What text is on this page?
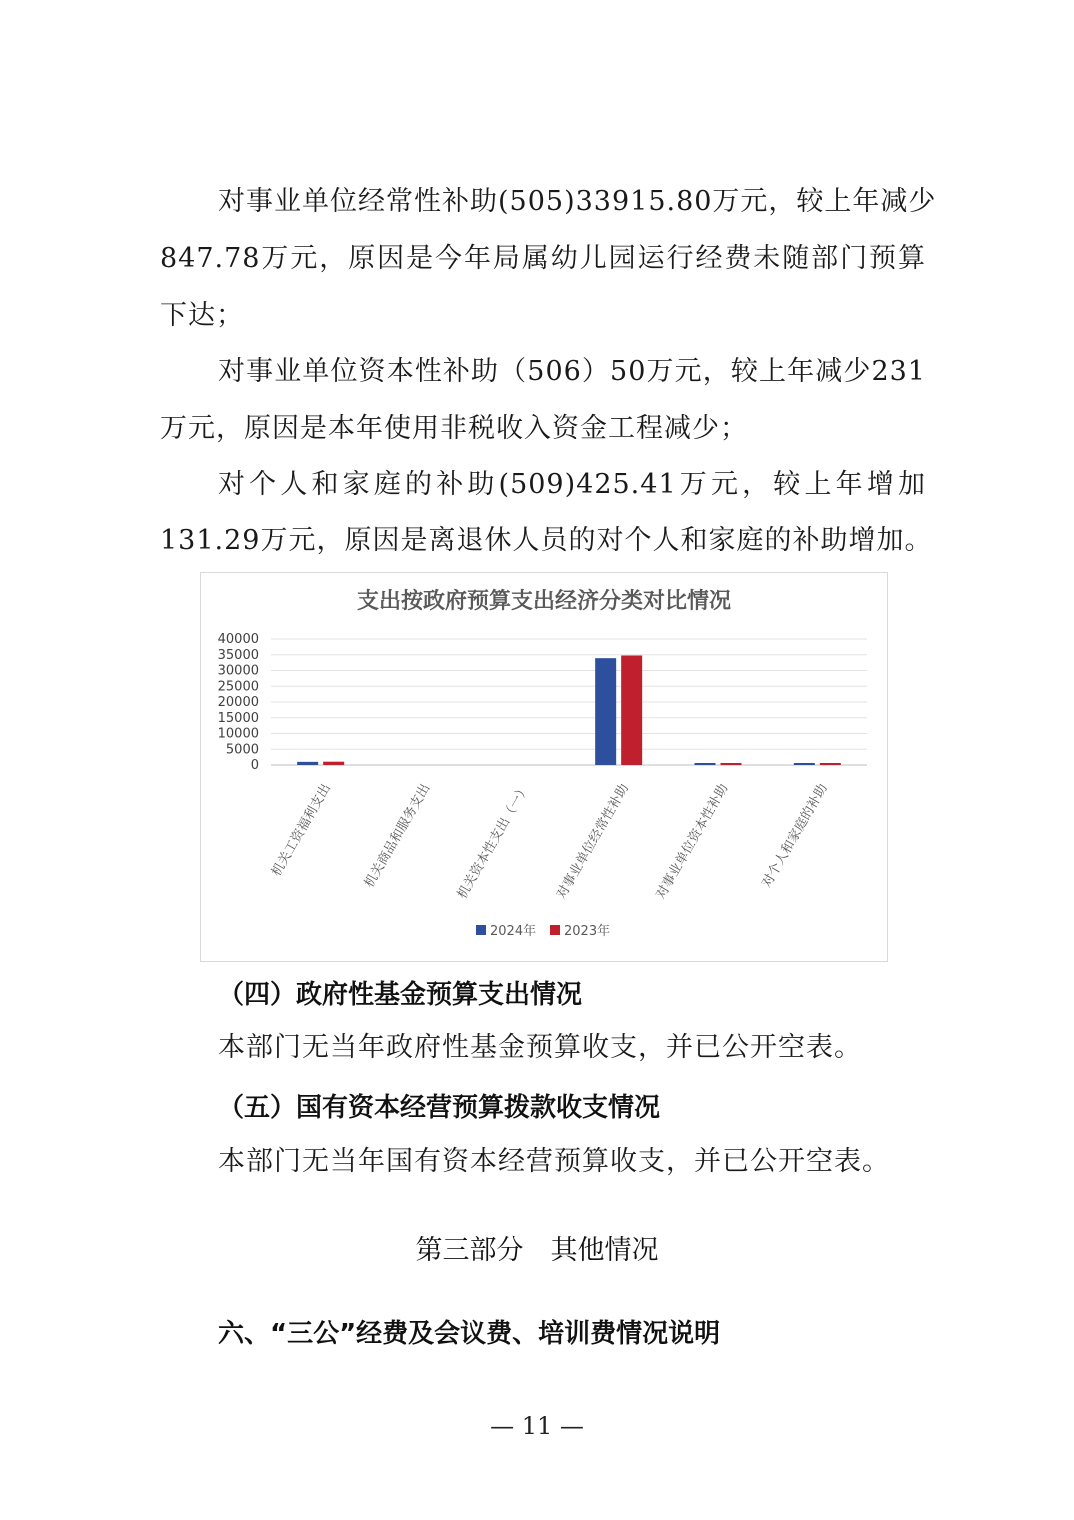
对事业单位经常性补助(505)33915.80万元，较上年减少
847.78万元，原因是今年局属幼儿园运行经费未随部门预算
下达；
对事业单位资本性补助（506）50万元，较上年减少231
万元，原因是本年使用非税收入资金工程减少；
对个人和家庭的补助(509)425.41万元，较上年增加
131.29万元，原因是离退休人员的对个人和家庭的补助增加。
支出按政府预算支出经济分类对比情况
40000
35000
30000
25000
20000
15000
10000
5000
0
机关工资福利支出 机关商品和服务支出 机关资本性支出（一） 对事业单位经常性补助 对事业单位资本性补助 对个人和家庭的补助
2024年 2023年
（四）政府性基金预算支出情况
本部门无当年政府性基金预算收支，并已公开空表。
（五）国有资本经营预算拨款收支情况
本部门无当年国有资本经营预算收支，并已公开空表。
第三部分　其他情况
六、“三公”经费及会议费、培训费情况说明
— 11 —
